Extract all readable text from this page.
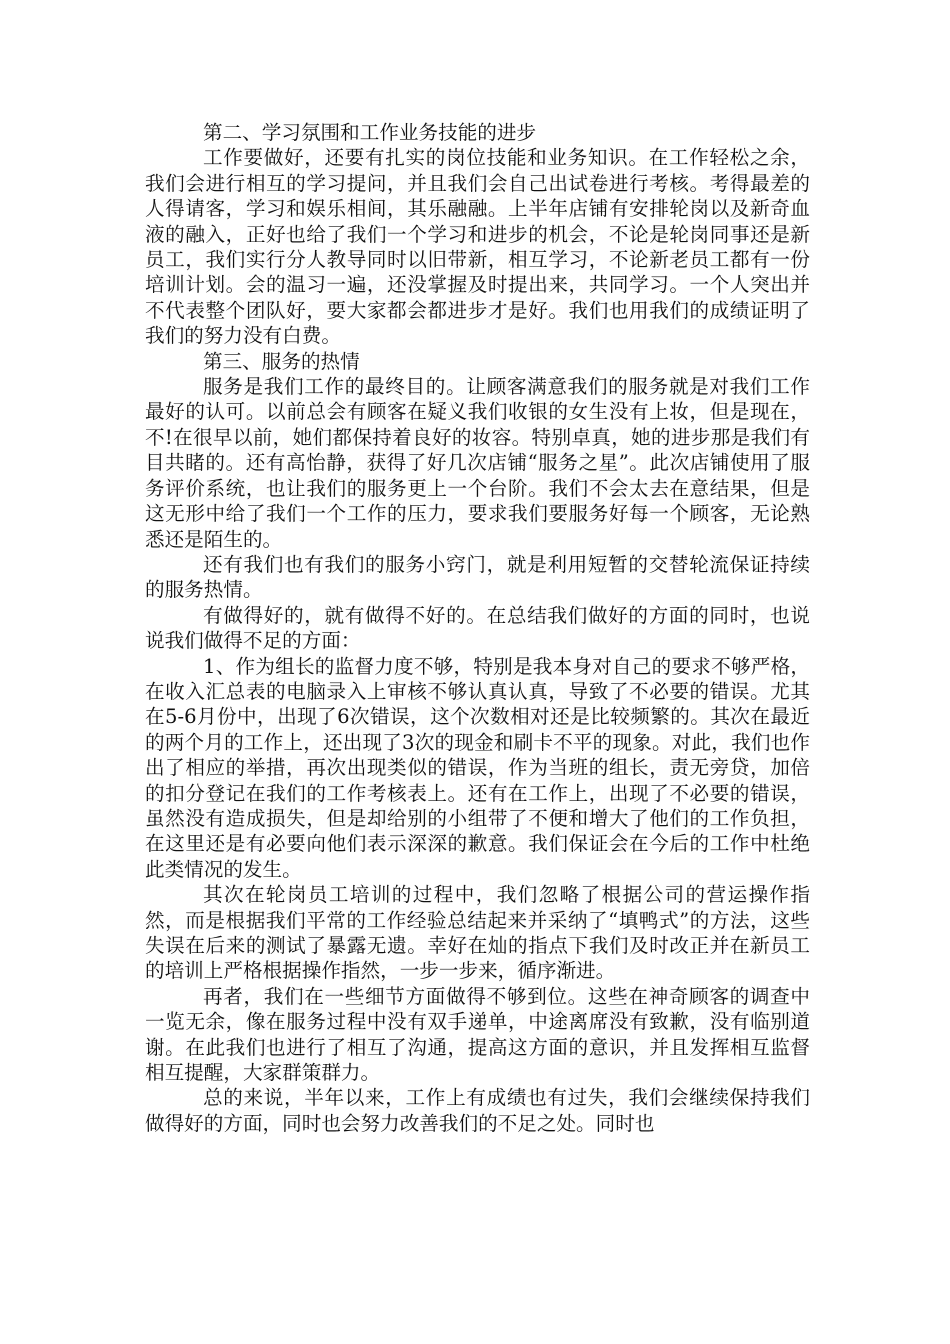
第二、学习氛围和工作业务技能的进步

工作要做好，还要有扎实的岗位技能和业务知识。在工作轻松之余，我们会进行相互的学习提问，并且我们会自己出试卷进行考核。考得最差的人得请客，学习和娱乐相间，其乐融融。上半年店铺有安排轮岗以及新奇血液的融入，正好也给了我们一个学习和进步的机会，不论是轮岗同事还是新员工，我们实行分人教导同时以旧带新，相互学习，不论新老员工都有一份培训计划。会的温习一遍，还没掌握及时提出来，共同学习。一个人突出并不代表整个团队好，要大家都会都进步才是好。我们也用我们的成绩证明了我们的努力没有白费。

第三、服务的热情

服务是我们工作的最终目的。让顾客满意我们的服务就是对我们工作最好的认可。以前总会有顾客在疑义我们收银的女生没有上妆，但是现在，不!在很早以前，她们都保持着良好的妆容。特别卓真，她的进步那是我们有目共睹的。还有高怡静，获得了好几次店铺“服务之星”。此次店铺使用了服务评价系统，也让我们的服务更上一个台阶。我们不会太去在意结果，但是这无形中给了我们一个工作的压力，要求我们要服务好每一个顾客，无论熟悉还是陌生的。

还有我们也有我们的服务小窍门，就是利用短暂的交替轮流保证持续的服务热情。

有做得好的，就有做得不好的。在总结我们做好的方面的同时，也说说我们做得不足的方面：

1、作为组长的监督力度不够，特别是我本身对自己的要求不够严格，在收入汇总表的电脑录入上审核不够认真认真，导致了不必要的错误。尤其在5-6月份中，出现了6次错误，这个次数相对还是比较频繁的。其次在最近的两个月的工作上，还出现了3次的现金和刷卡不平的现象。对此，我们也作出了相应的举措，再次出现类似的错误，作为当班的组长，责无旁贷，加倍的扣分登记在我们的工作考核表上。还有在工作上，出现了不必要的错误，虽然没有造成损失，但是却给别的小组带了不便和增大了他们的工作负担，在这里还是有必要向他们表示深深的歉意。我们保证会在今后的工作中杜绝此类情况的发生。

其次在轮岗员工培训的过程中，我们忽略了根据公司的营运操作指然，而是根据我们平常的工作经验总结起来并采纳了“填鸭式”的方法，这些失误在后来的测试了暴露无遗。幸好在灿的指点下我们及时改正并在新员工的培训上严格根据操作指然，一步一步来，循序渐进。

再者，我们在一些细节方面做得不够到位。这些在神奇顾客的调查中一览无余，像在服务过程中没有双手递单，中途离席没有致歉，没有临别道谢。在此我们也进行了相互了沟通，提高这方面的意识，并且发挥相互监督相互提醒，大家群策群力。

总的来说，半年以来，工作上有成绩也有过失，我们会继续保持我们做得好的方面，同时也会努力改善我们的不足之处。同时也
